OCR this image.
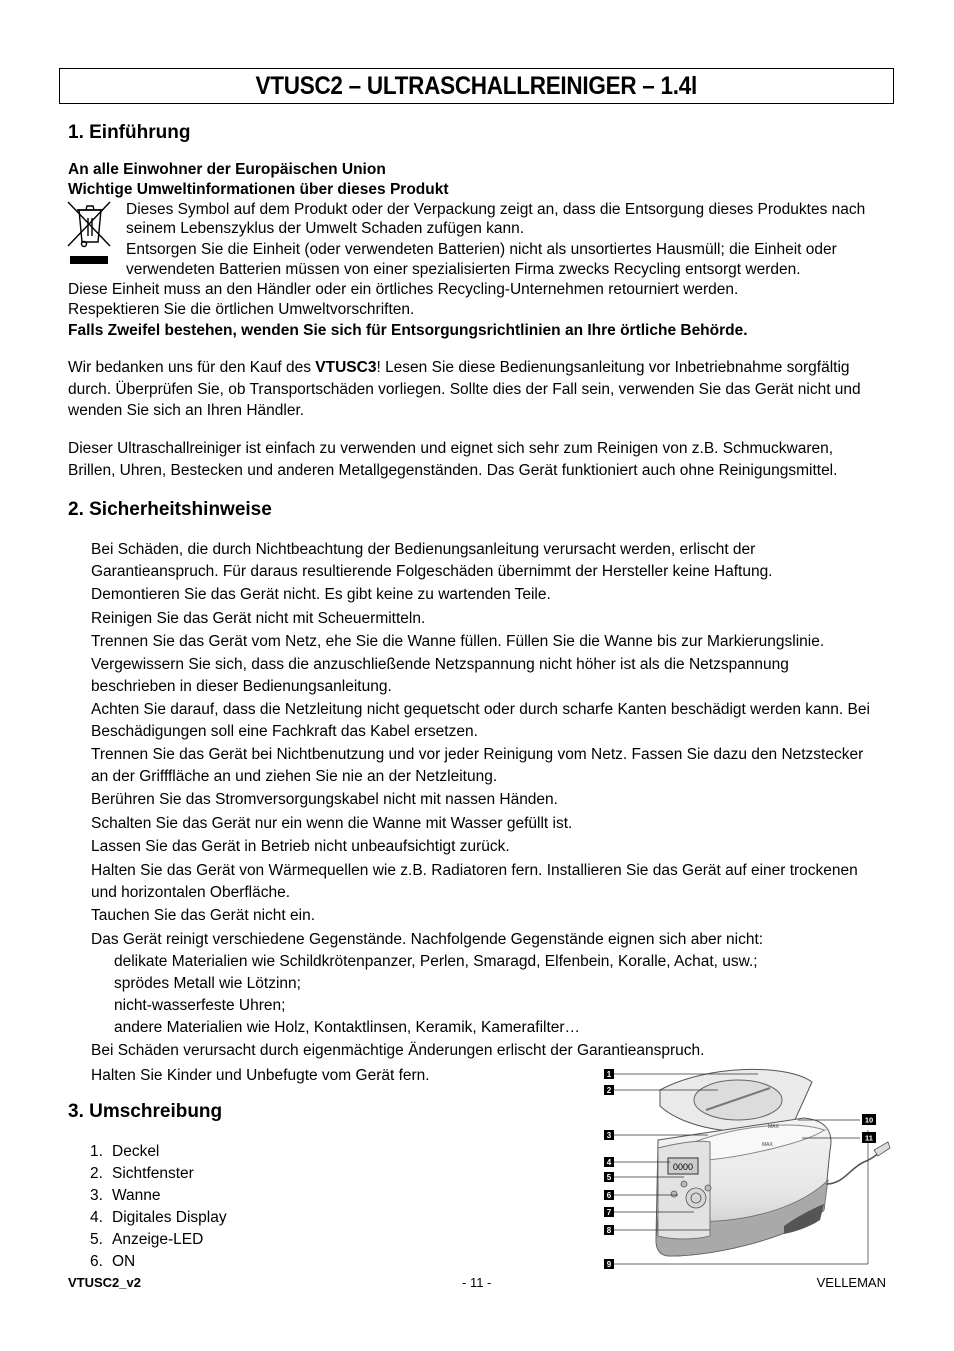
VTUSC2 – ULTRASCHALLREINIGER – 1.4l
1. Einführung
An alle Einwohner der Europäischen Union
Wichtige Umweltinformationen über dieses Produkt
Dieses Symbol auf dem Produkt oder der Verpackung zeigt an, dass die Entsorgung dieses Produktes nach
seinem Lebenszyklus der Umwelt Schaden zufügen kann.
Entsorgen Sie die Einheit (oder verwendeten Batterien) nicht als unsortiertes Hausmüll; die Einheit oder
verwendeten Batterien müssen von einer spezialisierten Firma zwecks Recycling entsorgt werden.
Diese Einheit muss an den Händler oder ein örtliches Recycling-Unternehmen retourniert werden.
Respektieren Sie die örtlichen Umweltvorschriften.
Falls Zweifel bestehen, wenden Sie sich für Entsorgungsrichtlinien an Ihre örtliche Behörde.
Wir bedanken uns für den Kauf des VTUSC3! Lesen Sie diese Bedienungsanleitung vor Inbetriebnahme sorgfältig
durch. Überprüfen Sie, ob Transportschäden vorliegen. Sollte dies der Fall sein, verwenden Sie das Gerät nicht und
wenden Sie sich an Ihren Händler.
Dieser Ultraschallreiniger ist einfach zu verwenden und eignet sich sehr zum Reinigen von z.B. Schmuckwaren,
Brillen, Uhren, Bestecken und anderen Metallgegenständen. Das Gerät funktioniert auch ohne Reinigungsmittel.
2. Sicherheitshinweise
Bei Schäden, die durch Nichtbeachtung der Bedienungsanleitung verursacht werden, erlischt der
Garantieanspruch. Für daraus resultierende Folgeschäden übernimmt der Hersteller keine Haftung.
Demontieren Sie das Gerät nicht. Es gibt keine zu wartenden Teile.
Reinigen Sie das Gerät nicht mit Scheuermitteln.
Trennen Sie das Gerät vom Netz, ehe Sie die Wanne füllen. Füllen Sie die Wanne bis zur Markierungslinie.
Vergewissern Sie sich, dass die anzuschließende Netzspannung nicht höher ist als die Netzspannung
beschrieben in dieser Bedienungsanleitung.
Achten Sie darauf, dass die Netzleitung nicht gequetscht oder durch scharfe Kanten beschädigt werden kann. Bei
Beschädigungen soll eine Fachkraft das Kabel ersetzen.
Trennen Sie das Gerät bei Nichtbenutzung und vor jeder Reinigung vom Netz. Fassen Sie dazu den Netzstecker
an der Grifffläche an und ziehen Sie nie an der Netzleitung.
Berühren Sie das Stromversorgungskabel nicht mit nassen Händen.
Schalten Sie das Gerät nur ein wenn die Wanne mit Wasser gefüllt ist.
Lassen Sie das Gerät in Betrieb nicht unbeaufsichtigt zurück.
Halten Sie das Gerät von Wärmequellen wie z.B. Radiatoren fern. Installieren Sie das Gerät auf einer trockenen
und horizontalen Oberfläche.
Tauchen Sie das Gerät nicht ein.
Das Gerät reinigt verschiedene Gegenstände. Nachfolgende Gegenstände eignen sich aber nicht:
delikate Materialien wie Schildkrötenpanzer, Perlen, Smaragd, Elfenbein, Koralle, Achat, usw.;
sprödes Metall wie Lötzinn;
nicht-wasserfeste Uhren;
andere Materialien wie Holz, Kontaktlinsen, Keramik, Kamerafilter…
Bei Schäden verursacht durch eigenmächtige Änderungen erlischt der Garantieanspruch.
Halten Sie Kinder und Unbefugte vom Gerät fern.
3. Umschreibung
1. Deckel
2. Sichtfenster
3. Wanne
4. Digitales Display
5. Anzeige-LED
6. ON
0000
MAX
MAX
1
2
3
4
5
6
7
8
9
10
11
VTUSC2_v2	- 11 -	VELLEMAN
